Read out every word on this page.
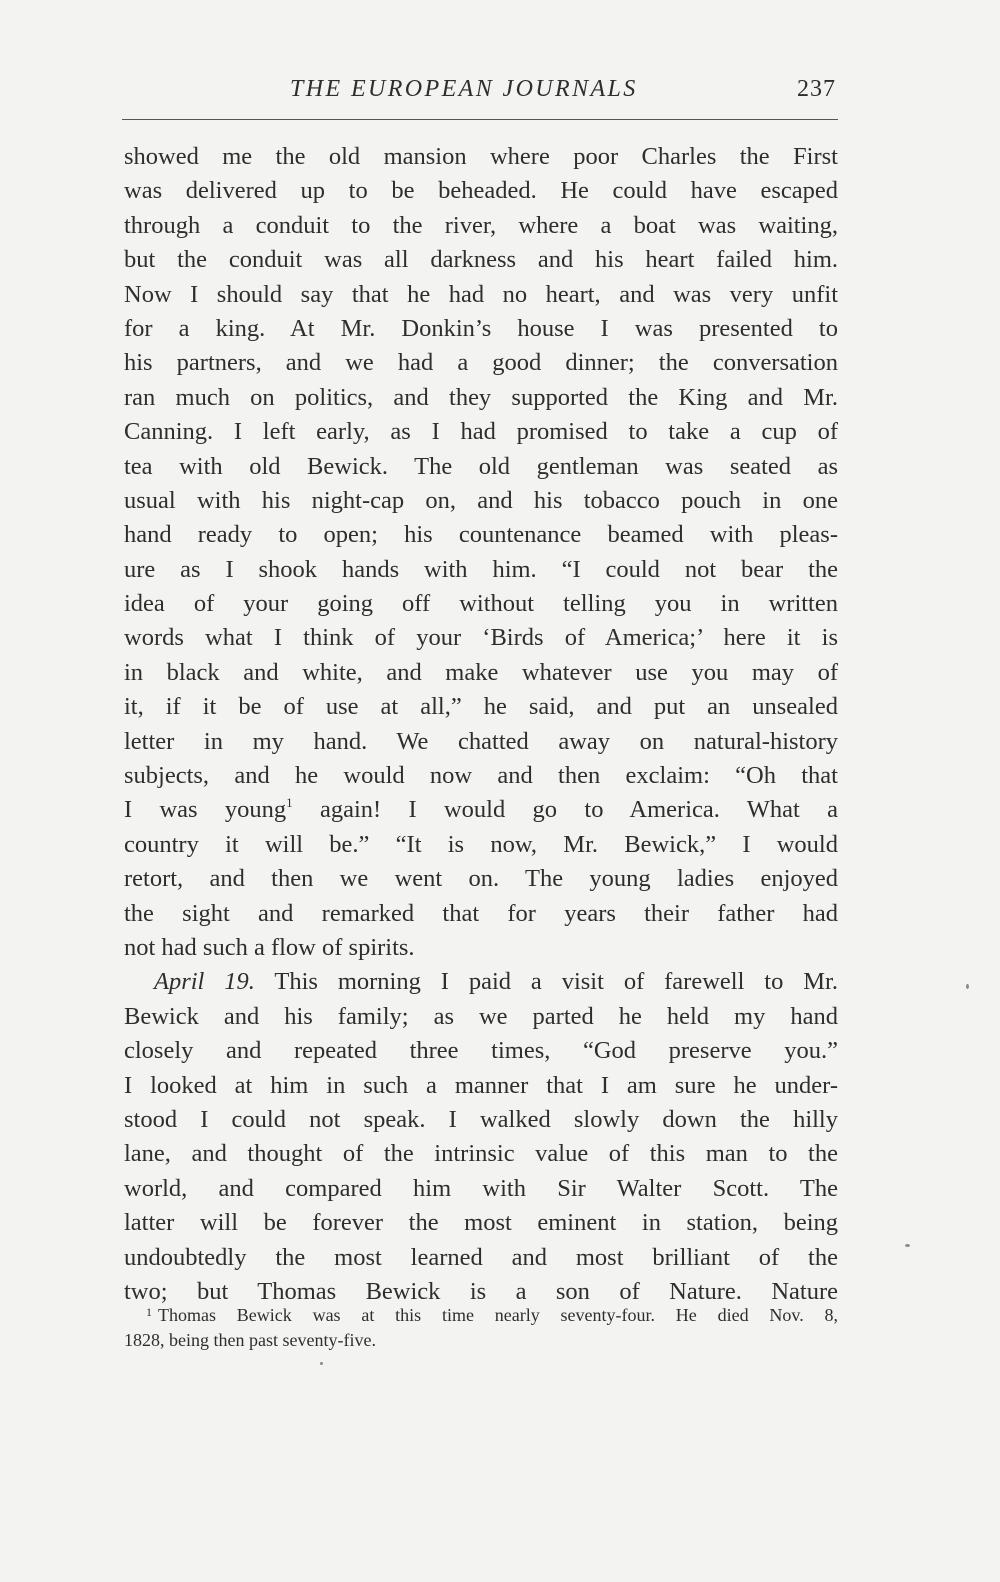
THE EUROPEAN JOURNALS	237
showed me the old mansion where poor Charles the First
was delivered up to be beheaded. He could have escaped
through a conduit to the river, where a boat was waiting,
but the conduit was all darkness and his heart failed him.
Now I should say that he had no heart, and was very unfit
for a king. At Mr. Donkin’s house I was presented to
his partners, and we had a good dinner; the conversation
ran much on politics, and they supported the King and Mr.
Canning. I left early, as I had promised to take a cup of
tea with old Bewick. The old gentleman was seated as
usual with his night-cap on, and his tobacco pouch in one
hand ready to open; his countenance beamed with pleas-
ure as I shook hands with him. “I could not bear the
idea of your going off without telling you in written
words what I think of your ‘Birds of America;’ here it is
in black and white, and make whatever use you may of
it, if it be of use at all,” he said, and put an unsealed
letter in my hand. We chatted away on natural-history
subjects, and he would now and then exclaim: “Oh that
I was young$^1$ again! I would go to America. What a
country it will be.” “It is now, Mr. Bewick,” I would
retort, and then we went on. The young ladies enjoyed
the sight and remarked that for years their father had
not had such a flow of spirits.
April 19. This morning I paid a visit of farewell to Mr.
Bewick and his family; as we parted he held my hand
closely and repeated three times, “God preserve you.”
I looked at him in such a manner that I am sure he under-
stood I could not speak. I walked slowly down the hilly
lane, and thought of the intrinsic value of this man to the
world, and compared him with Sir Walter Scott. The
latter will be forever the most eminent in station, being
undoubtedly the most learned and most brilliant of the
two; but Thomas Bewick is a son of Nature. Nature
$^1$ Thomas Bewick was at this time nearly seventy-four. He died Nov. 8,
1828, being then past seventy-five.
